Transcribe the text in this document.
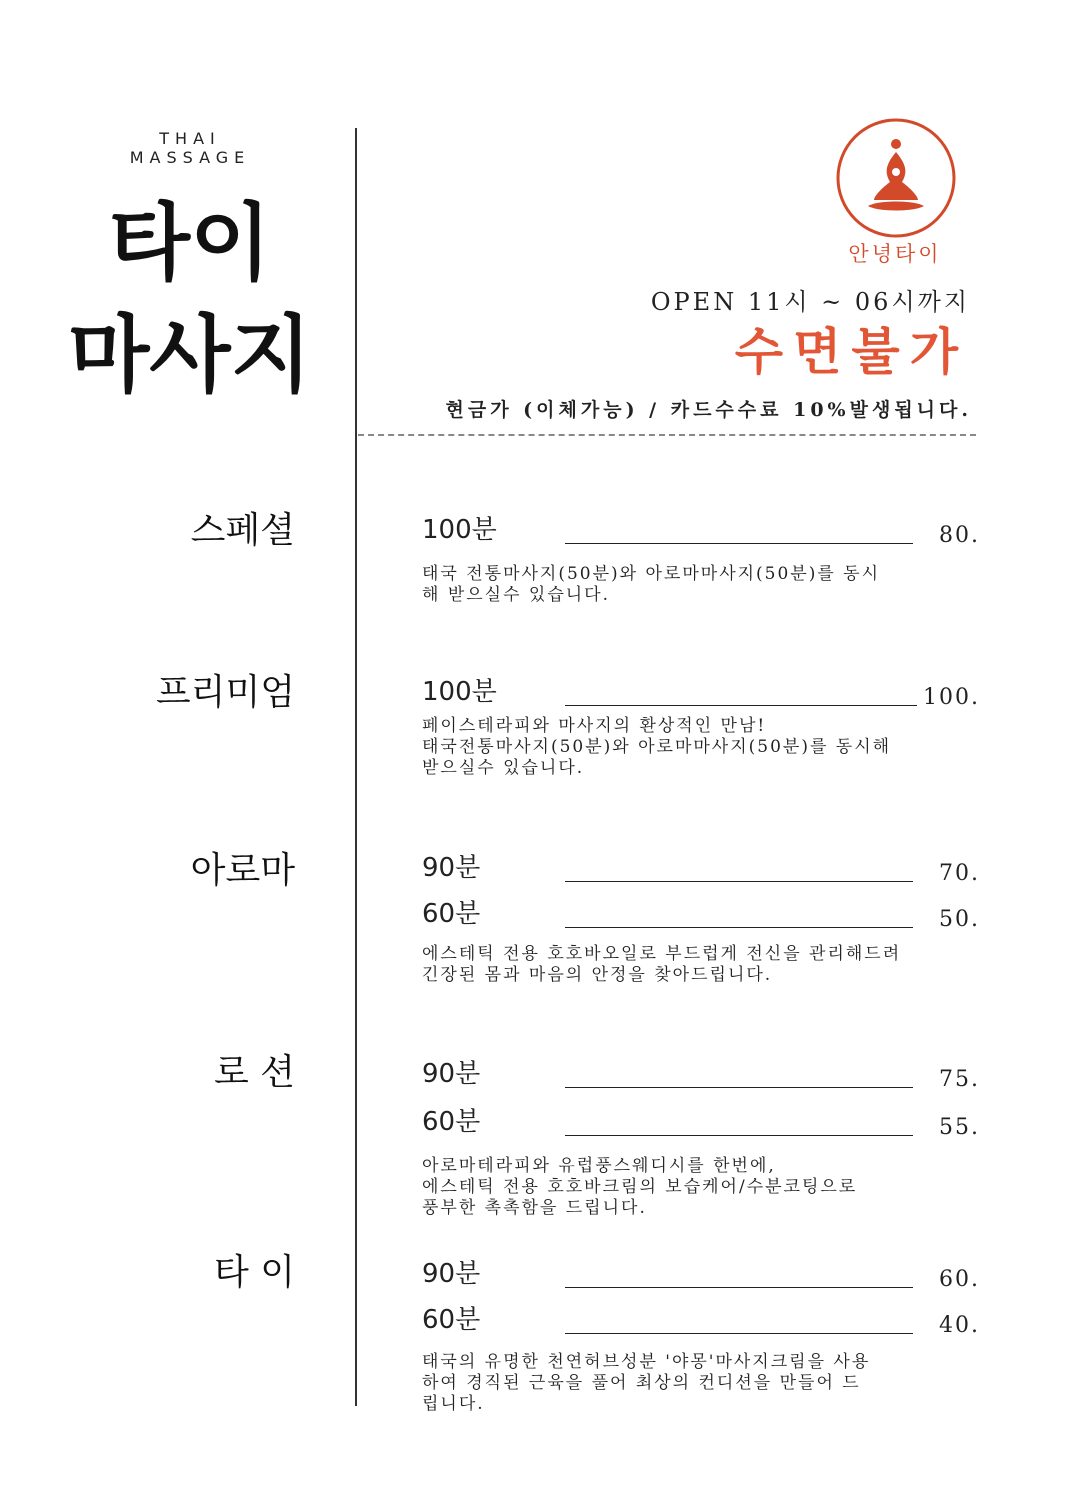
THAI
MASSAGE
타이
마사지
스페셜
프리미엄
아로마
로 션
타 이
안녕타이
OPEN 11시 ~ 06시까지
수면불가
현금가 (이체가능) / 카드수수료 10%발생됩니다.
100분	80.
태국 전통마사지(50분)와 아로마마사지(50분)를 동시
해 받으실수 있습니다.
100분	100.
페이스테라피와 마사지의 환상적인 만남!
태국전통마사지(50분)와 아로마마사지(50분)를 동시해
받으실수 있습니다.
90분	70.
60분	50.
에스테틱 전용 호호바오일로 부드럽게 전신을 관리해드려
긴장된 몸과 마음의 안정을 찾아드립니다.
90분	75.
60분	55.
아로마테라피와 유럽풍스웨디시를 한번에,
에스테틱 전용 호호바크림의 보습케어/수분코팅으로
풍부한 촉촉함을 드립니다.
90분	60.
60분	40.
태국의 유명한 천연허브성분 '야몽'마사지크림을 사용
하여 경직된 근육을 풀어 최상의 컨디션을 만들어 드
립니다.
